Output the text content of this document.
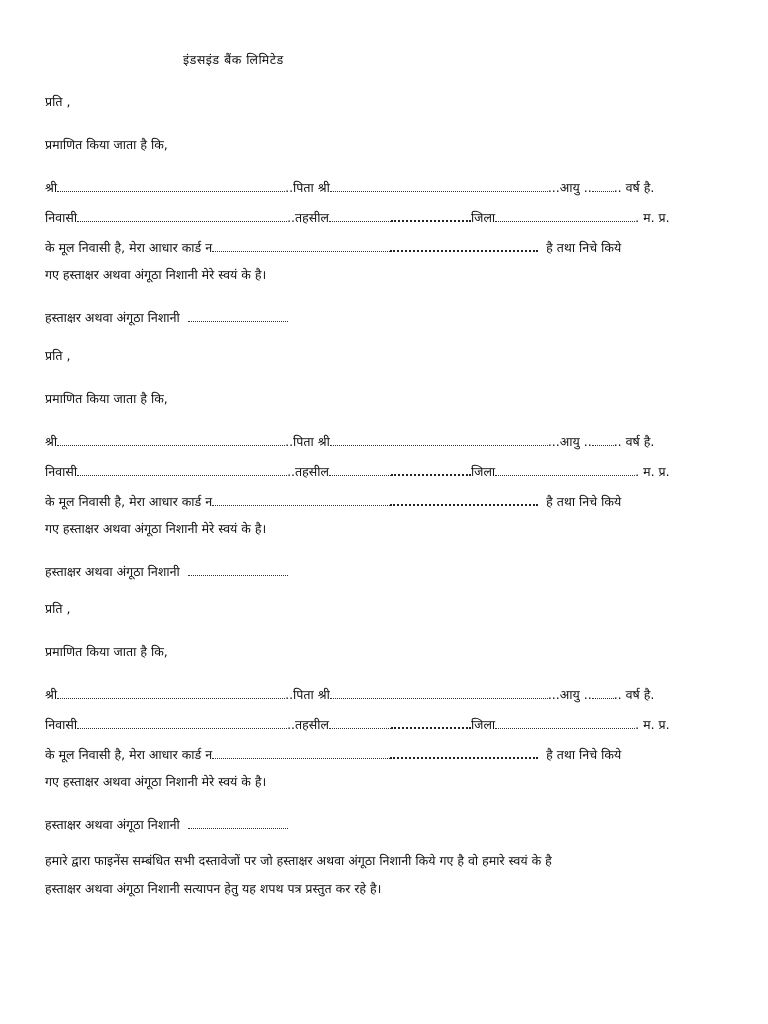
इंडसइंड बैंक लिमिटेड
प्रति ,
प्रमाणित किया जाता है कि,
श्री	..पिता श्री	...आयु .. .. वर्ष है.
निवासी	..तहसील	जिला	. म. प्र.
के मूल निवासी है, मेरा आधार कार्ड न	है तथा निचे किये
गए हस्ताक्षर अथवा अंगूठा निशानी मेरे स्वयं के है।
हस्ताक्षर अथवा अंगूठा निशानी
प्रति ,
प्रमाणित किया जाता है कि,
श्री	..पिता श्री	...आयु .. .. वर्ष है.
निवासी	..तहसील	जिला	. म. प्र.
के मूल निवासी है, मेरा आधार कार्ड न	है तथा निचे किये
गए हस्ताक्षर अथवा अंगूठा निशानी मेरे स्वयं के है।
हस्ताक्षर अथवा अंगूठा निशानी
प्रति ,
प्रमाणित किया जाता है कि,
श्री	..पिता श्री	...आयु .. .. वर्ष है.
निवासी	..तहसील	जिला	. म. प्र.
के मूल निवासी है, मेरा आधार कार्ड न	है तथा निचे किये
गए हस्ताक्षर अथवा अंगूठा निशानी मेरे स्वयं के है।
हस्ताक्षर अथवा अंगूठा निशानी
हमारे द्वारा फाइनेंस सम्बंधित सभी दस्तावेजों पर जो हस्ताक्षर अथवा अंगूठा निशानी किये गए है वो हमारे स्वयं के है
हस्ताक्षर अथवा अंगूठा निशानी सत्यापन हेतु यह शपथ पत्र प्रस्तुत कर रहे है।
